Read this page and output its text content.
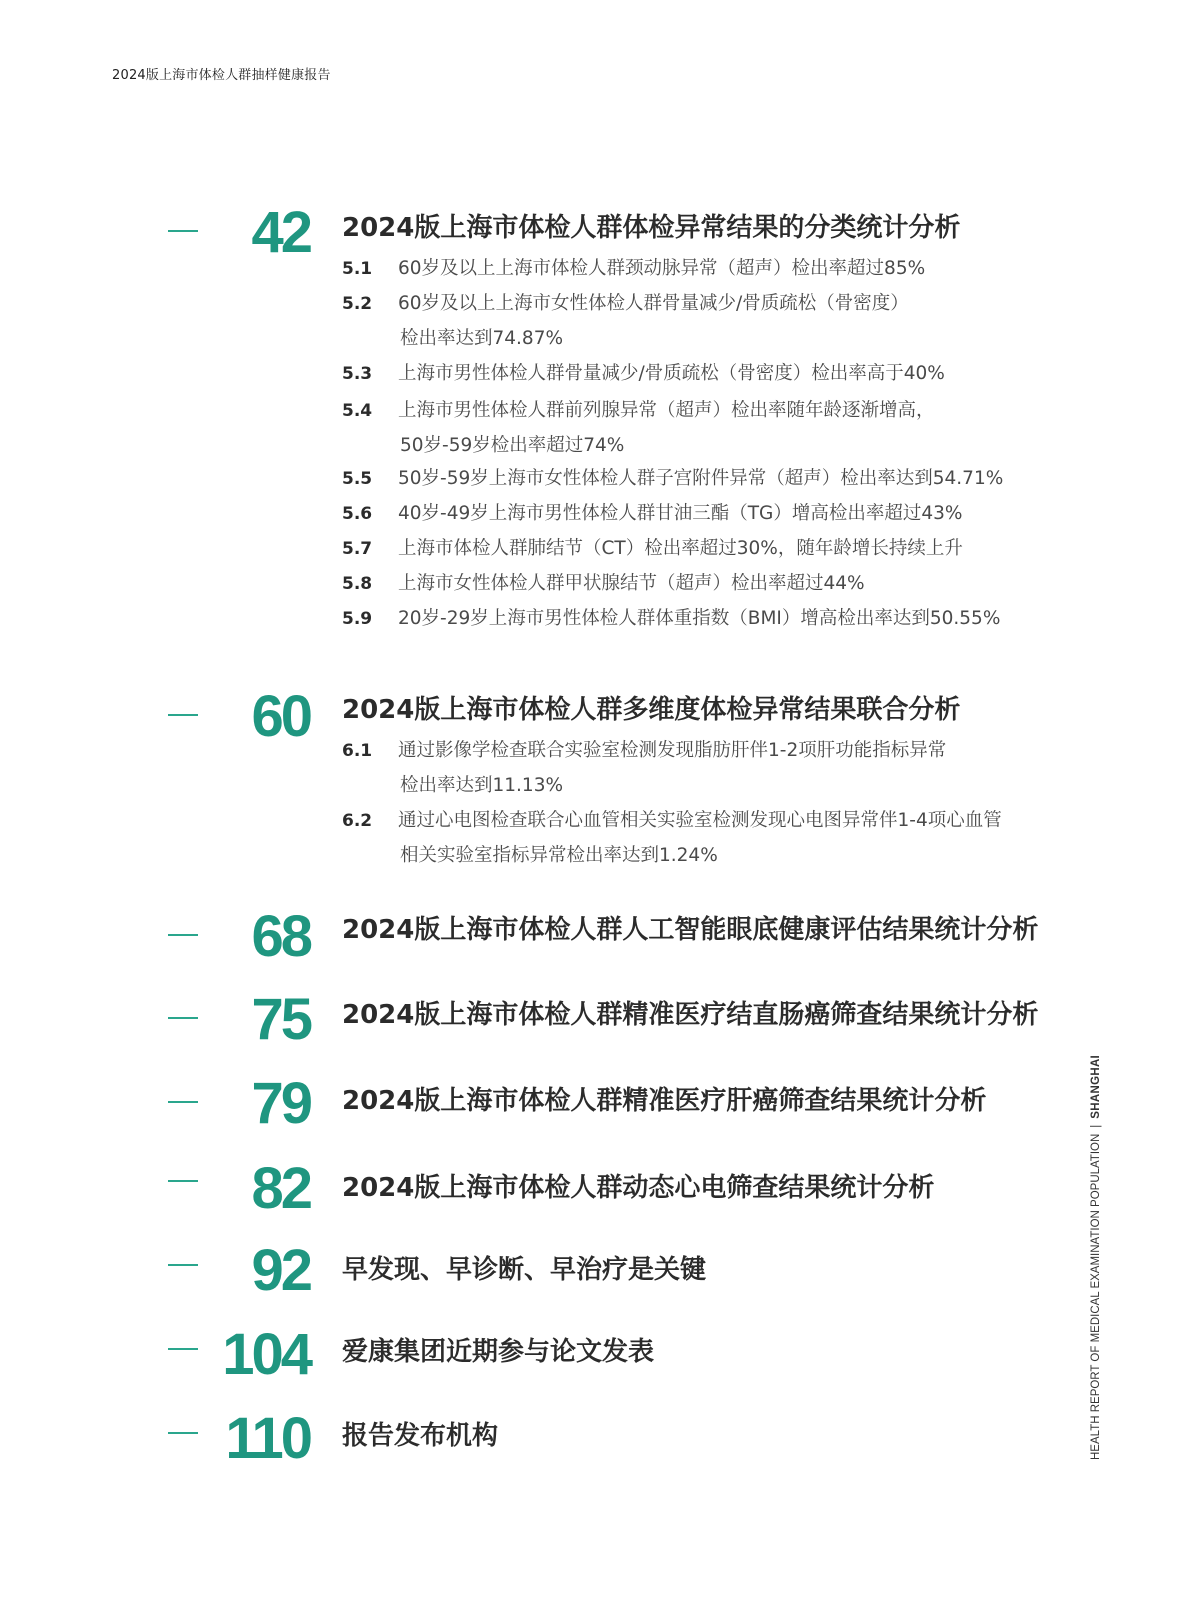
2024版上海市体检人群抽样健康报告
42 2024版上海市体检人群体检异常结果的分类统计分析
5.1 60岁及以上上海市体检人群颈动脉异常（超声）检出率超过85%
5.2 60岁及以上上海市女性体检人群骨量减少/骨质疏松（骨密度）
检出率达到74.87%
5.3 上海市男性体检人群骨量减少/骨质疏松（骨密度）检出率高于40%
5.4 上海市男性体检人群前列腺异常（超声）检出率随年龄逐渐增高，
50岁-59岁检出率超过74%
5.5 50岁-59岁上海市女性体检人群子宫附件异常（超声）检出率达到54.71%
5.6 40岁-49岁上海市男性体检人群甘油三酯（TG）增高检出率超过43%
5.7 上海市体检人群肺结节（CT）检出率超过30%，随年龄增长持续上升
5.8 上海市女性体检人群甲状腺结节（超声）检出率超过44%
5.9 20岁-29岁上海市男性体检人群体重指数（BMI）增高检出率达到50.55%
60 2024版上海市体检人群多维度体检异常结果联合分析
6.1 通过影像学检查联合实验室检测发现脂肪肝伴1-2项肝功能指标异常
检出率达到11.13%
6.2 通过心电图检查联合心血管相关实验室检测发现心电图异常伴1-4项心血管
相关实验室指标异常检出率达到1.24%
68 2024版上海市体检人群人工智能眼底健康评估结果统计分析
75 2024版上海市体检人群精准医疗结直肠癌筛查结果统计分析
79 2024版上海市体检人群精准医疗肝癌筛查结果统计分析
82 2024版上海市体检人群动态心电筛查结果统计分析
92 早发现、早诊断、早治疗是关键
104 爱康集团近期参与论文发表
110 报告发布机构	HEALTH REPORT OF MEDICAL EXAMINATION POPULATION|SHANGHAI
